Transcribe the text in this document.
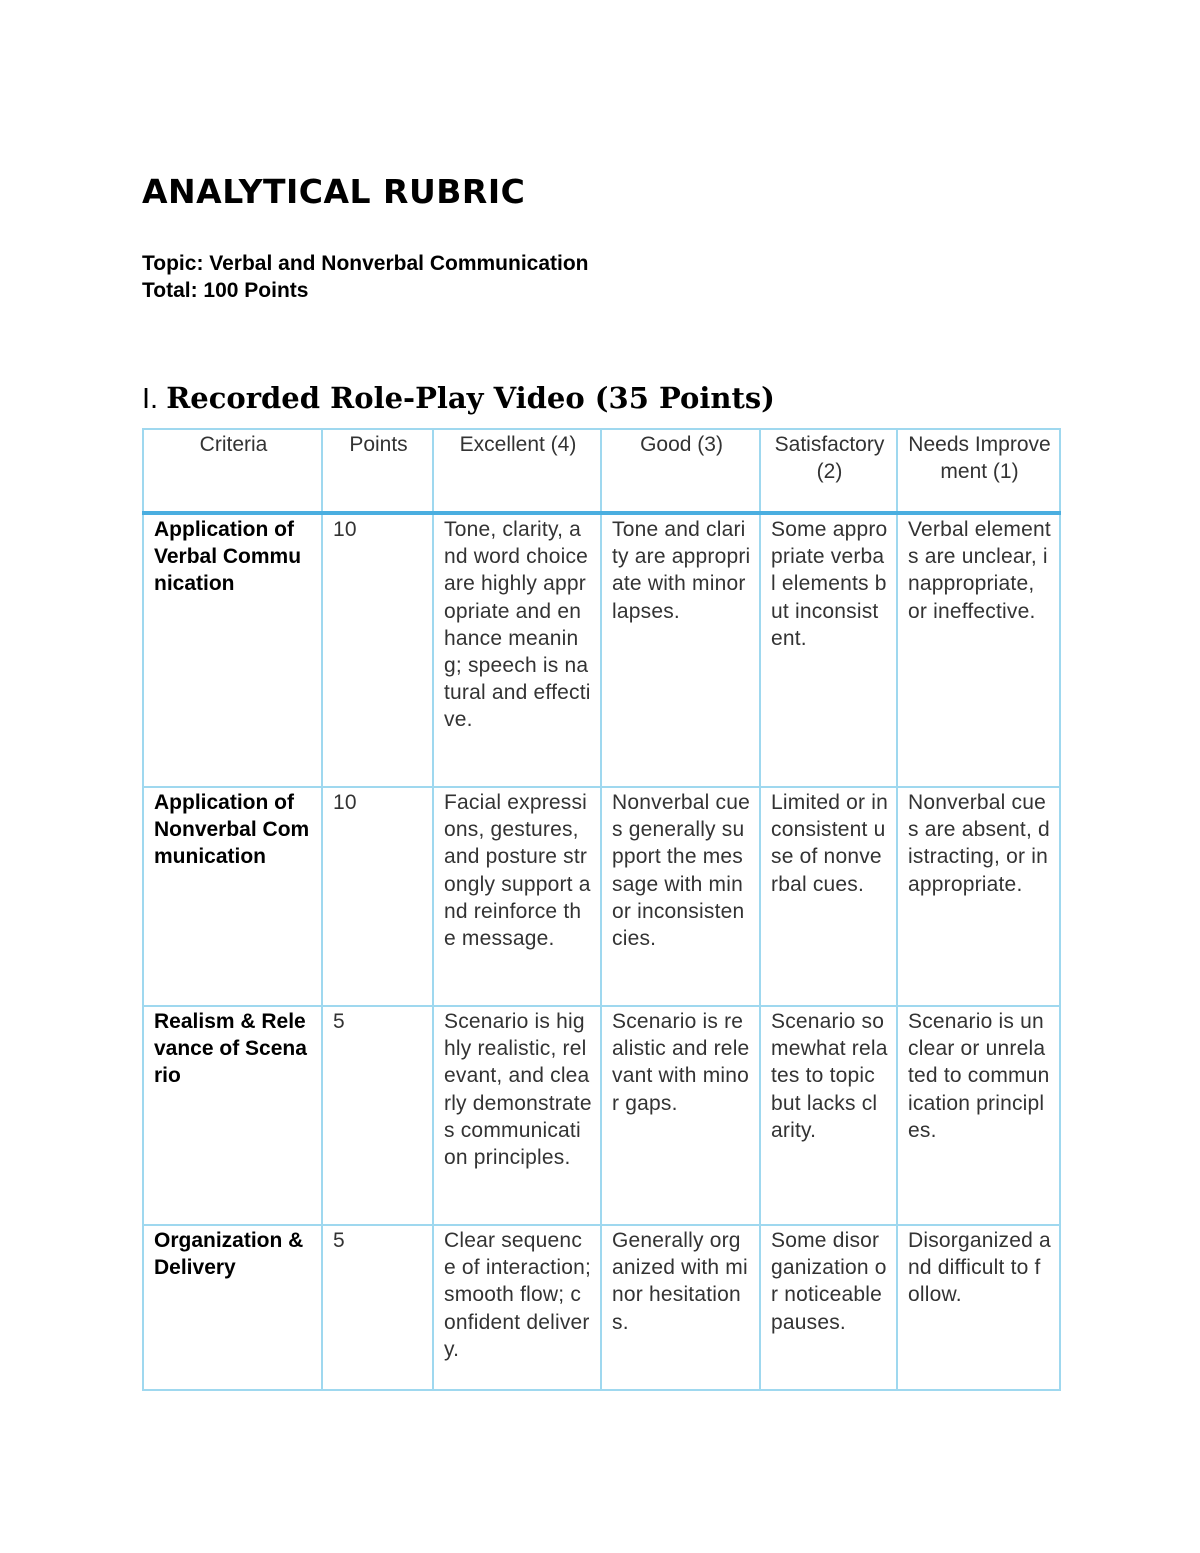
ANALYTICAL RUBRIC
Topic: Verbal and Nonverbal Communication
Total: 100 Points
I. Recorded Role-Play Video (35 Points)
Criteria	Points	Excellent (4)	Good (3)	Satisfactory (2)	Needs Improvement (1)
Application of Verbal Communication	10	Tone, clarity, and word choice are highly appropriate and enhance meaning; speech is natural and effective.	Tone and clarity are appropriate with minor lapses.	Some appropriate verbal elements but inconsistent.	Verbal elements are unclear, inappropriate, or ineffective.
Application of Nonverbal Communication	10	Facial expressions, gestures, and posture strongly support and reinforce the message.	Nonverbal cues generally support the message with minor inconsistencies.	Limited or inconsistent use of nonverbal cues.	Nonverbal cues are absent, distracting, or inappropriate.
Realism & Relevance of Scenario	5	Scenario is highly realistic, relevant, and clearly demonstrates communication principles.	Scenario is realistic and relevant with minor gaps.	Scenario somewhat relates to topic but lacks clarity.	Scenario is unclear or unrelated to communication principles.
Organization & Delivery	5	Clear sequence of interaction; smooth flow; confident delivery.	Generally organized with minor hesitations.	Some disorganization or noticeable pauses.	Disorganized and difficult to follow.
